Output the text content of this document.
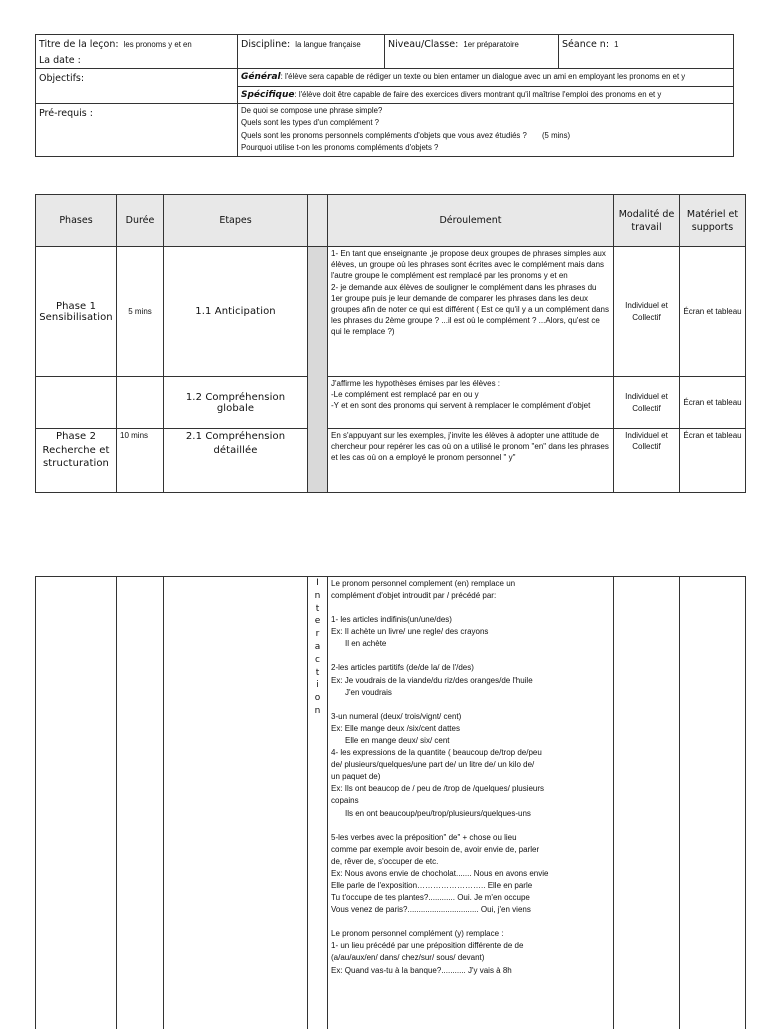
Titre de la leçon: les pronoms y et en
La date :	Discipline: la langue française	Niveau/Classe: 1er préparatoire	Séance n: 1
Objectifs:	Général: l'élève sera capable de rédiger un texte ou bien entamer un dialogue avec un ami en employant les pronoms en et y		
	Spécifique: l'élève doit être capable de faire des exercices divers montrant qu'il maîtrise l'emploi des pronoms en et y		
Pré-requis :	De quoi se compose une phrase simple?
Quels sont les types d'un complément ?
Quels sont les pronoms personnels compléments d'objets que vous avez étudiés ?       (5 mins)
Pourquoi utilise t-on les pronoms compléments d'objets ?		
Phases	Durée	Etapes		Déroulement	Modalité de travail	Matériel et supports
Phase 1 Sensibilisation	5 mins	1.1 Anticipation		1- En tant que enseignante ,je propose deux groupes de phrases simples aux élèves, un groupe où les phrases sont écrites avec le complément mais dans l'autre groupe le complément est remplacé par les pronoms y et en
2- je demande aux élèves de souligner le complément dans les phrases du 1er groupe puis je leur demande de comparer les phrases dans les deux groupes afin de noter ce qui est différent ( Est ce qu'il y a un complément dans les phrases du 2ème groupe ? ...il est où le complément ? ...Alors, qu'est ce qui le remplace ?)	Individuel et Collectif	Écran et tableau
		1.2 Compréhension globale		J'affirme les hypothèses émises par les élèves :
-Le complément est remplacé par en ou y
-Y et en sont des pronoms qui servent à remplacer le complément d'objet	Individuel et Collectif	Écran et tableau
Phase 2 Recherche et structuration	10 mins	2.1 Compréhension détaillée		En s'appuyant sur les exemples, j'invite les élèves à adopter une attitude de chercheur pour repérer les cas où on a utilisé le pronom "en" dans les phrases et les cas où on a employé le pronom personnel " y"	Individuel et Collectif	Écran et tableau

I
n
t
e
r
a
c
t
i
o
n

Le pronom personnel complement (en) remplace un
complément d'objet introudit par / précédé par:
1- les articles indifinis(un/une/des)
Ex: Il achète un livre/ une regle/ des crayons
Il en achète
2-les articles partitifs (de/de la/ de l'/des)
Ex: Je voudrais de la viande/du riz/des oranges/de l'huile
J'en voudrais
3-un numeral (deux/ trois/vignt/ cent)
Ex: Elle mange deux /six/cent dattes
Elle en mange deux/ six/ cent
4- les expressions de la quantite ( beaucoup de/trop de/peu
de/ plusieurs/quelques/une part de/ un litre de/ un kilo de/
un paquet de)
Ex: Ils ont beaucop de / peu de /trop de /quelques/ plusieurs
copains
Ils en ont beaucoup/peu/trop/plusieurs/quelques-uns
5-les verbes avec la préposition" de" + chose ou lieu
comme par exemple avoir besoin de, avoir envie de, parler
de, rêver de, s'occuper de etc.
Ex: Nous avons envie de chocholat....... Nous en avons envie
Elle parle de l'exposition…………………….. Elle en parle
Tu t'occupe de tes plantes?............ Oui. Je m'en occupe
Vous venez de paris?................................ Oui, j'en viens
Le pronom personnel complément (y) remplace :
1- un lieu précédé par une préposition différente de de
(a/au/aux/en/ dans/ chez/sur/ sous/ devant)
Ex: Quand vas-tu à la banque?........... J'y vais à 8h
